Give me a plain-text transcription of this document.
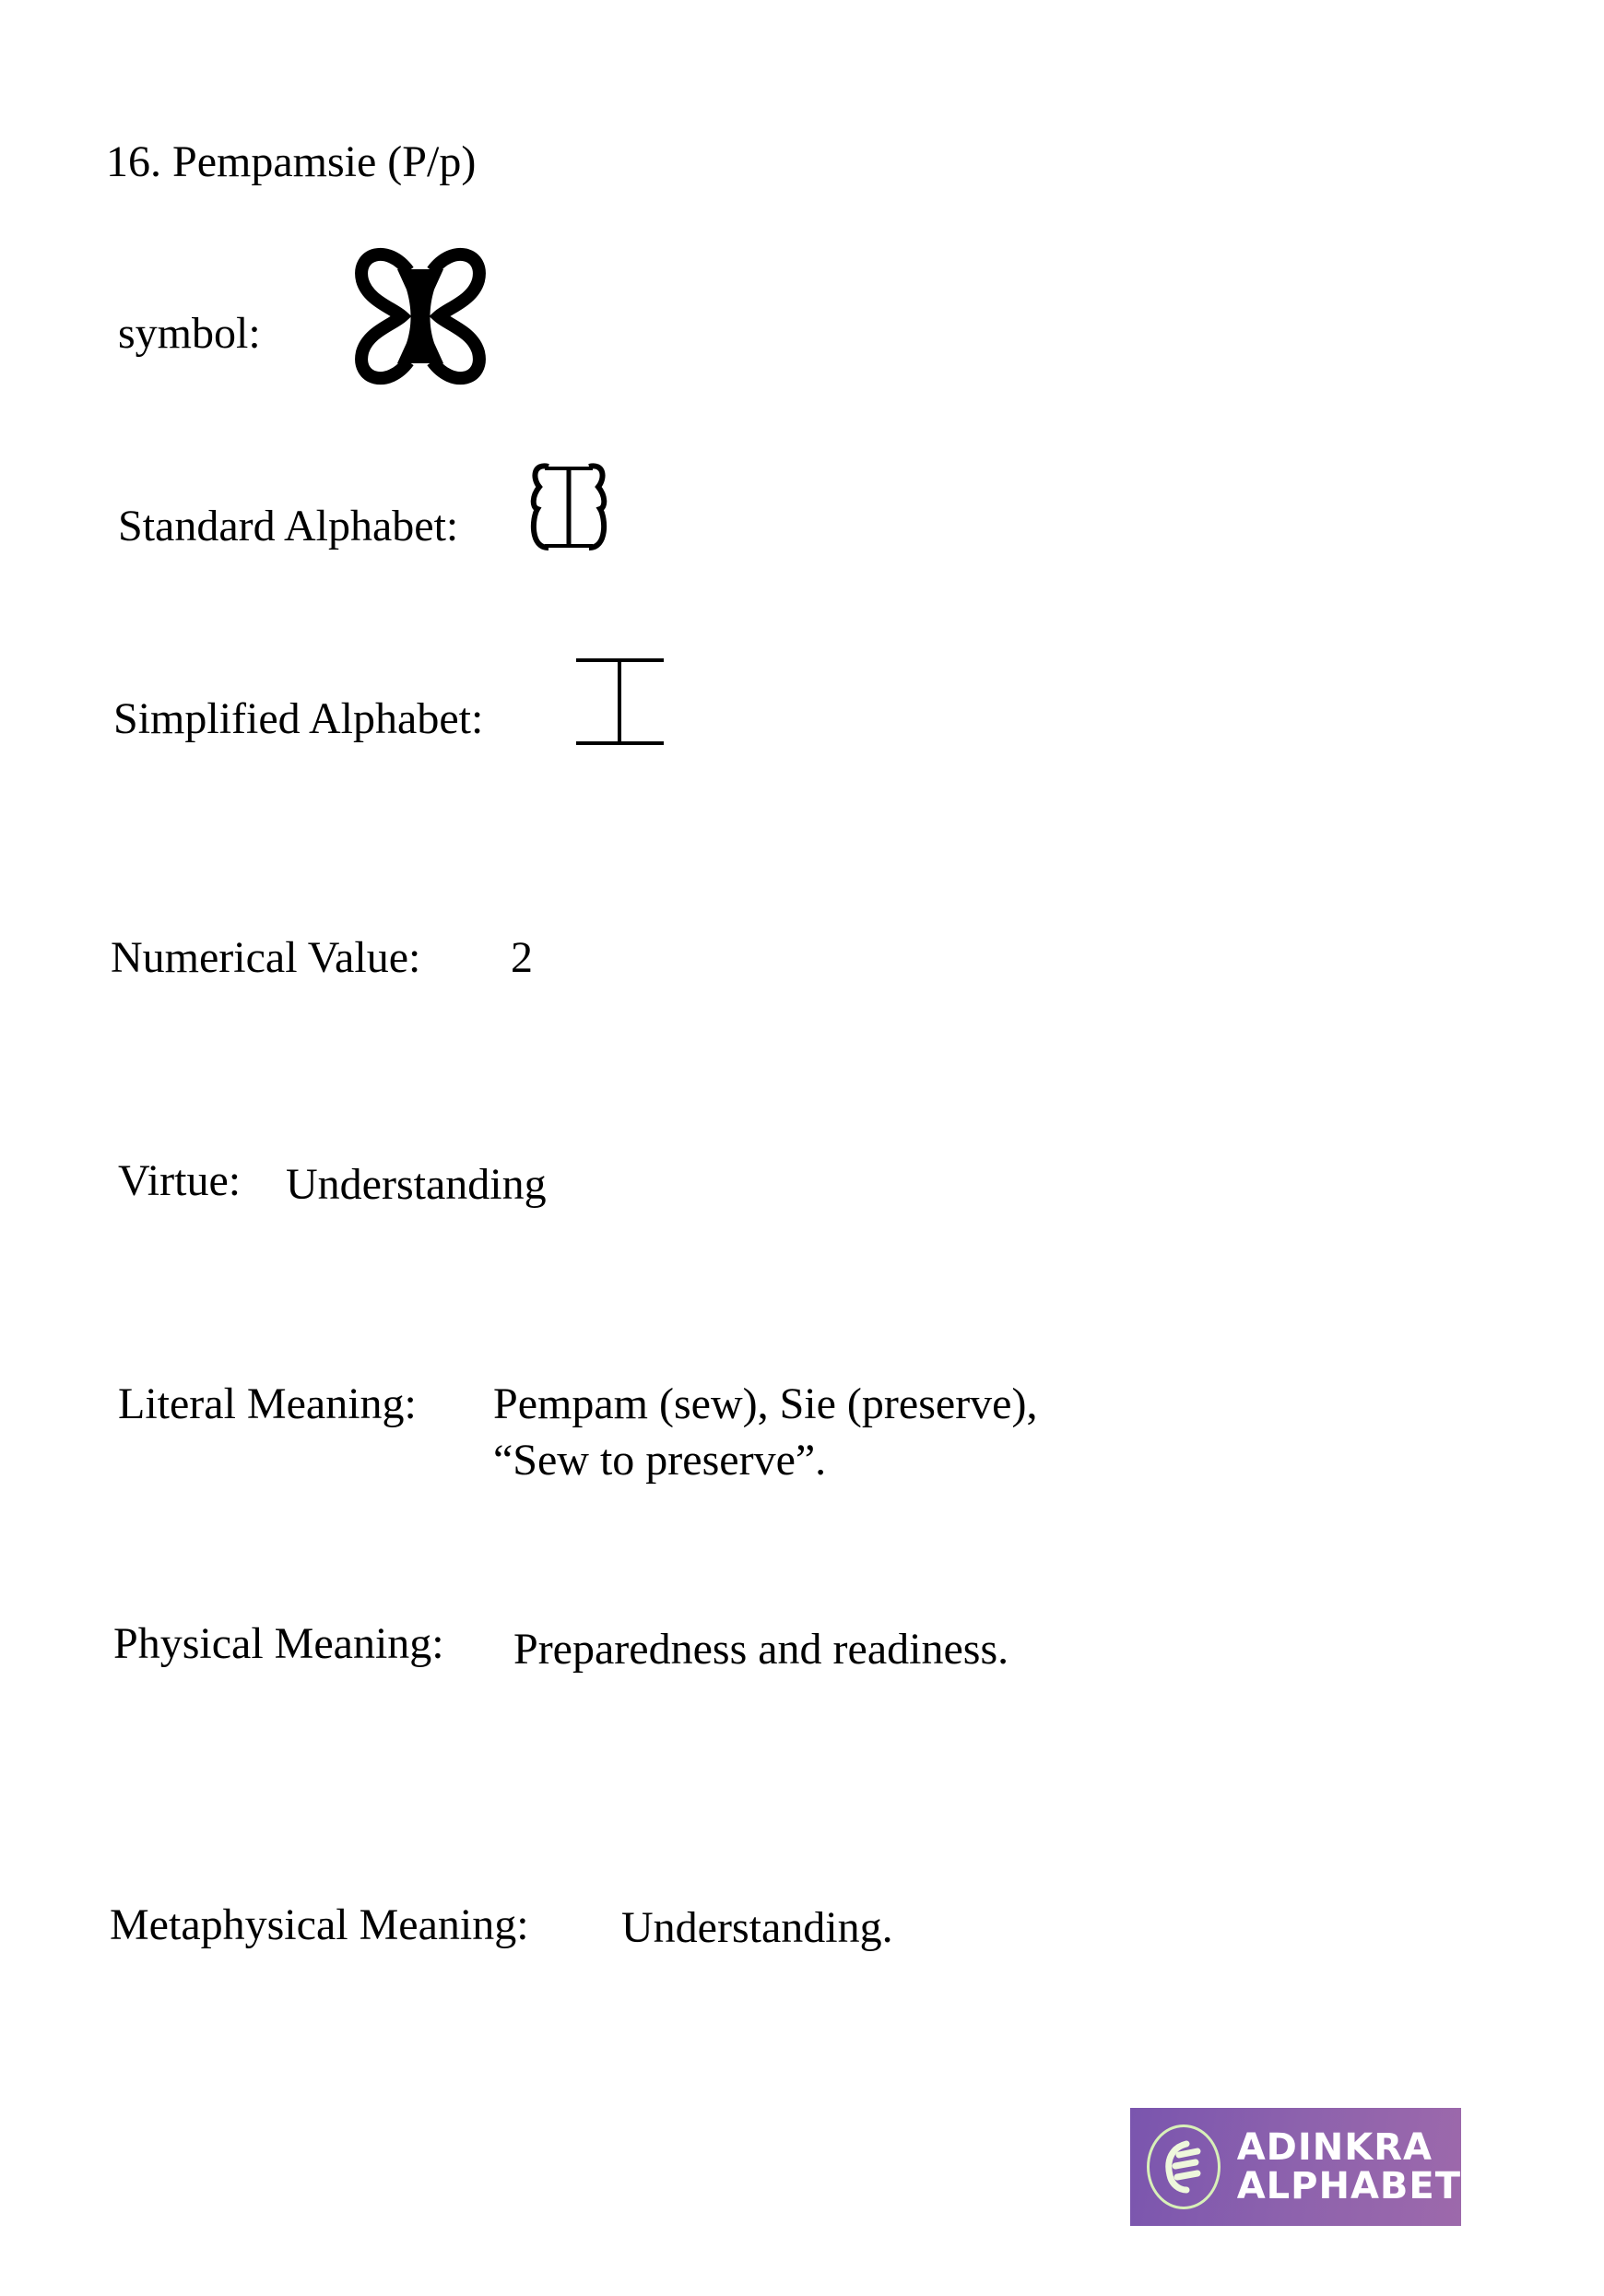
16. Pempamsie (P/p)
symbol:
Standard Alphabet:
Simplified Alphabet:
Numerical Value: 2
Virtue: Understanding
Literal Meaning: Pempam (sew), Sie (preserve),
“Sew to preserve”.
Physical Meaning: Preparedness and readiness.
Metaphysical Meaning: Understanding.
ADINKRA
ALPHABET
